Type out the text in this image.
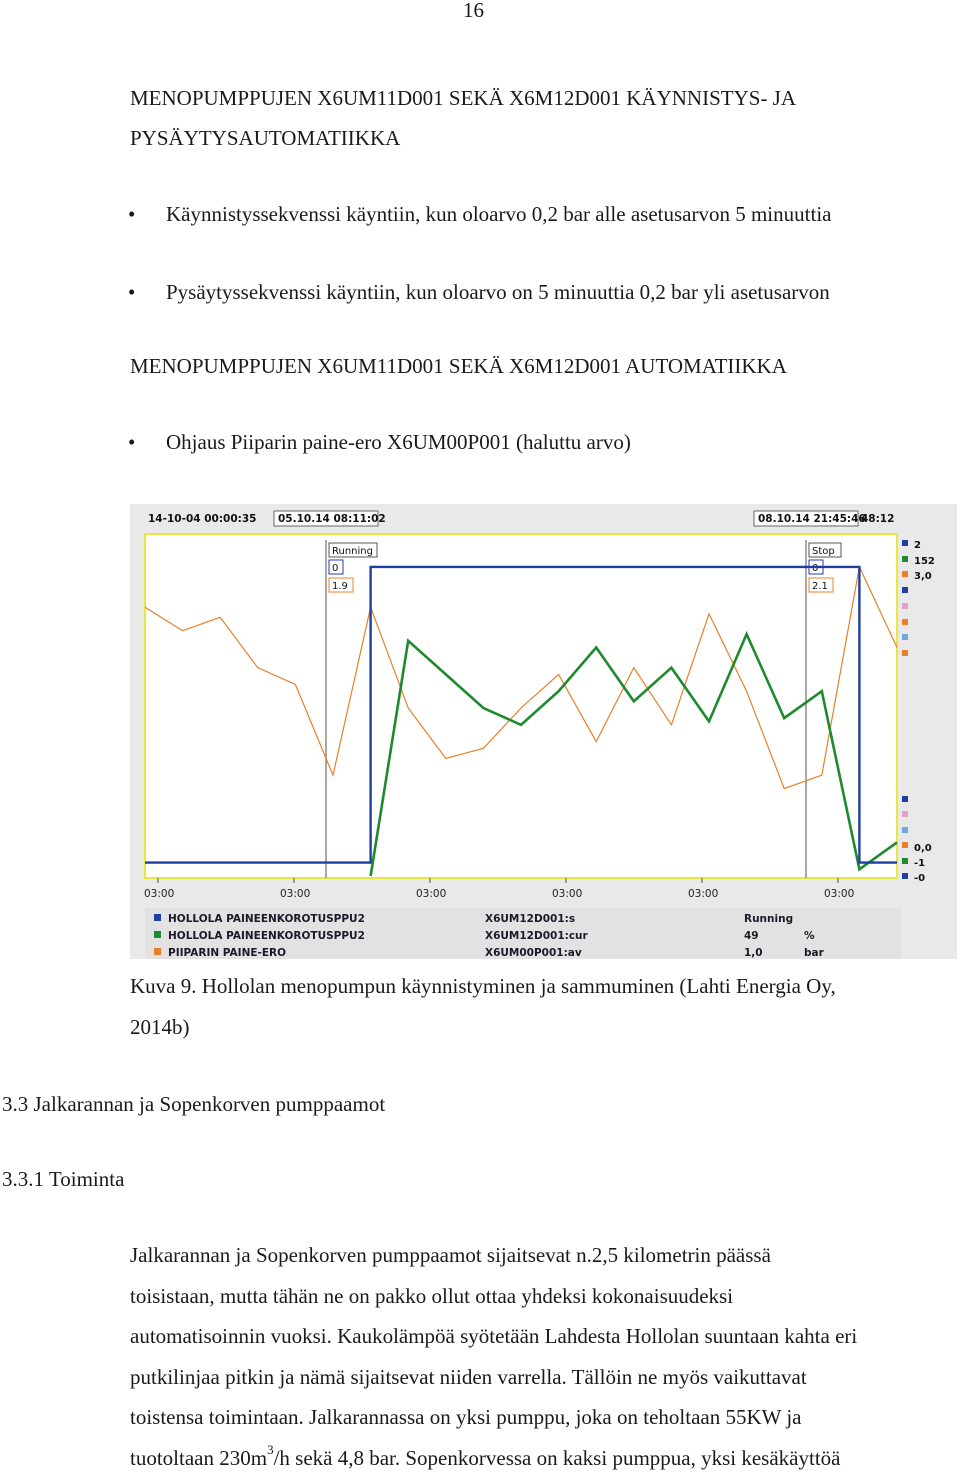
16
MENOPUMPPUJEN X6UM11D001 SEKÄ X6M12D001 KÄYNNISTYS- JA
PYSÄYTYSAUTOMATIIKKA
• Käynnistyssekvenssi käyntiin, kun oloarvo 0,2 bar alle asetusarvon 5 minuuttia
• Pysäytyssekvenssi käyntiin, kun oloarvo on 5 minuuttia 0,2 bar yli asetusarvon
MENOPUMPPUJEN X6UM11D001 SEKÄ X6M12D001 AUTOMATIIKKA
• Ohjaus Piiparin paine-ero X6UM00P001 (haluttu arvo)
14-10-04 00:00:35 05.10.14 08:11:02	08.10.14 21:45:46
48:12
2
152
3,0
0,0
-1
-0
Running
0
1.9
Stop
0
2.1
03:00	03:00	03:00	03:00	03:00	03:00
HOLLOLA PAINEENKOROTUSPPU2	X6UM12D001:s	Running
HOLLOLA PAINEENKOROTUSPPU2	X6UM12D001:cur	49	%
PIIPARIN PAINE-ERO	X6UM00P001:av	1,0	bar
Kuva 9. Hollolan menopumpun käynnistyminen ja sammuminen (Lahti Energia Oy,
2014b)
3.3 Jalkarannan ja Sopenkorven pumppaamot
3.3.1 Toiminta
Jalkarannan ja Sopenkorven pumppaamot sijaitsevat n.2,5 kilometrin päässä
toisistaan, mutta tähän ne on pakko ollut ottaa yhdeksi kokonaisuudeksi
automatisoinnin vuoksi. Kaukolämpöä syötetään Lahdesta Hollolan suuntaan kahta eri
putkilinjaa pitkin ja nämä sijaitsevat niiden varrella. Tällöin ne myös vaikuttavat
toistensa toimintaan. Jalkarannassa on yksi pumppu, joka on teholtaan 55KW ja
tuotoltaan $230m^3/h$ sekä 4,8 bar. Sopenkorvessa on kaksi pumppua, yksi kesäkäyttöä
